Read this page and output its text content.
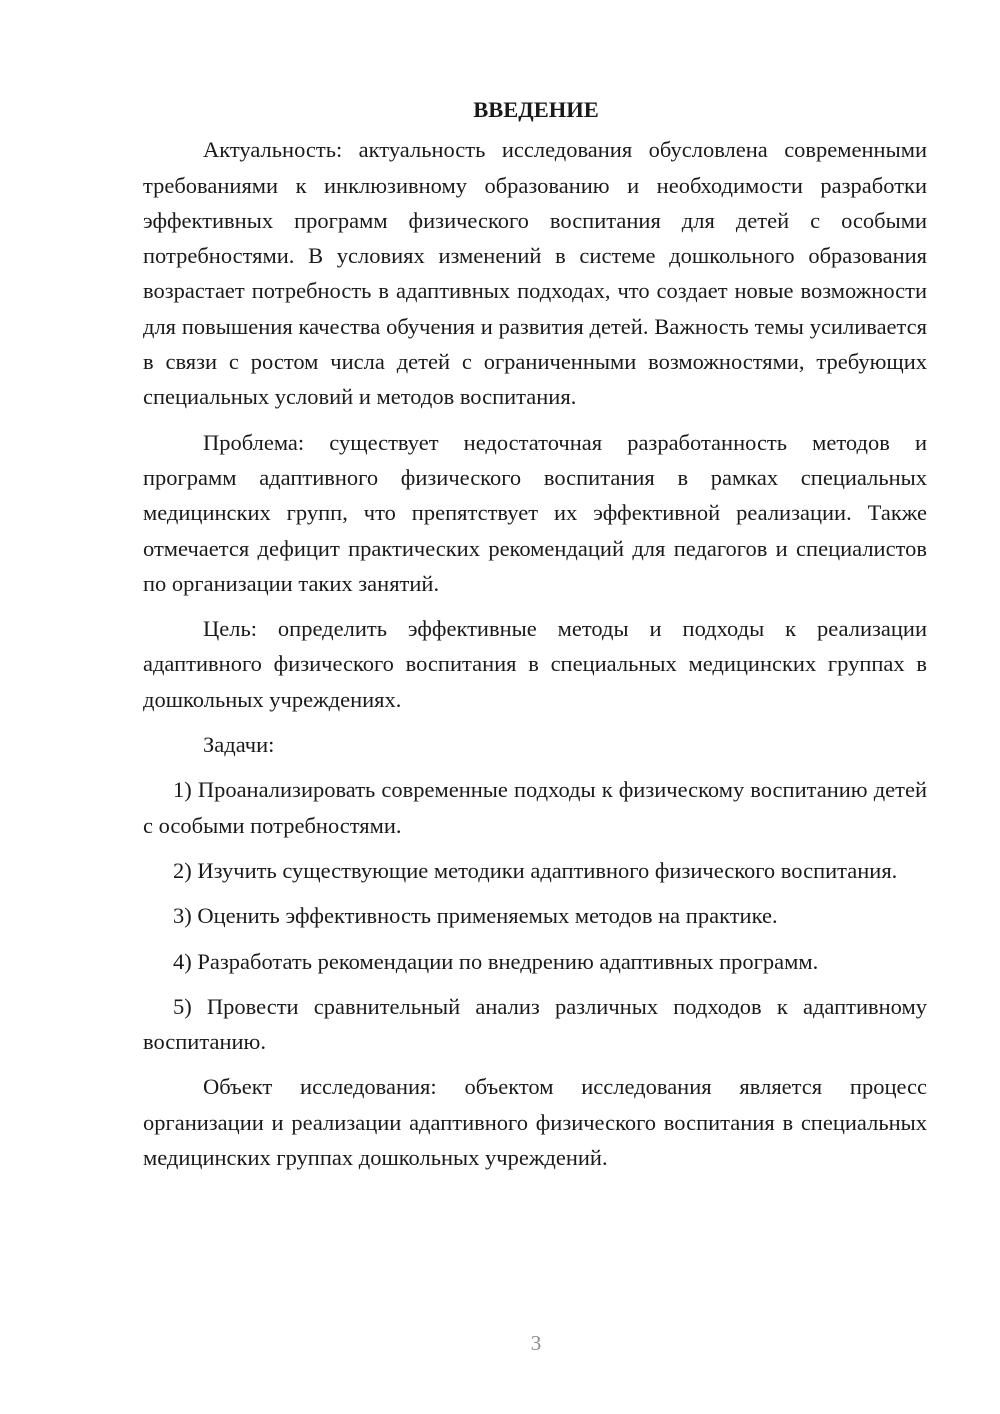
ВВЕДЕНИЕ

Актуальность: актуальность исследования обусловлена современными требованиями к инклюзивному образованию и необходимости разработки эффективных программ физического воспитания для детей с особыми потребностями. В условиях изменений в системе дошкольного образования возрастает потребность в адаптивных подходах, что создает новые возможности для повышения качества обучения и развития детей. Важность темы усиливается в связи с ростом числа детей с ограниченными возможностями, требующих специальных условий и методов воспитания.

Проблема: существует недостаточная разработанность методов и программ адаптивного физического воспитания в рамках специальных медицинских групп, что препятствует их эффективной реализации. Также отмечается дефицит практических рекомендаций для педагогов и специалистов по организации таких занятий.

Цель: определить эффективные методы и подходы к реализации адаптивного физического воспитания в специальных медицинских группах в дошкольных учреждениях.

Задачи:

1) Проанализировать современные подходы к физическому воспитанию детей с особыми потребностями.

2) Изучить существующие методики адаптивного физического воспитания.

3) Оценить эффективность применяемых методов на практике.

4) Разработать рекомендации по внедрению адаптивных программ.

5) Провести сравнительный анализ различных подходов к адаптивному воспитанию.

Объект исследования: объектом исследования является процесс организации и реализации адаптивного физического воспитания в специальных медицинских группах дошкольных учреждений.

3
